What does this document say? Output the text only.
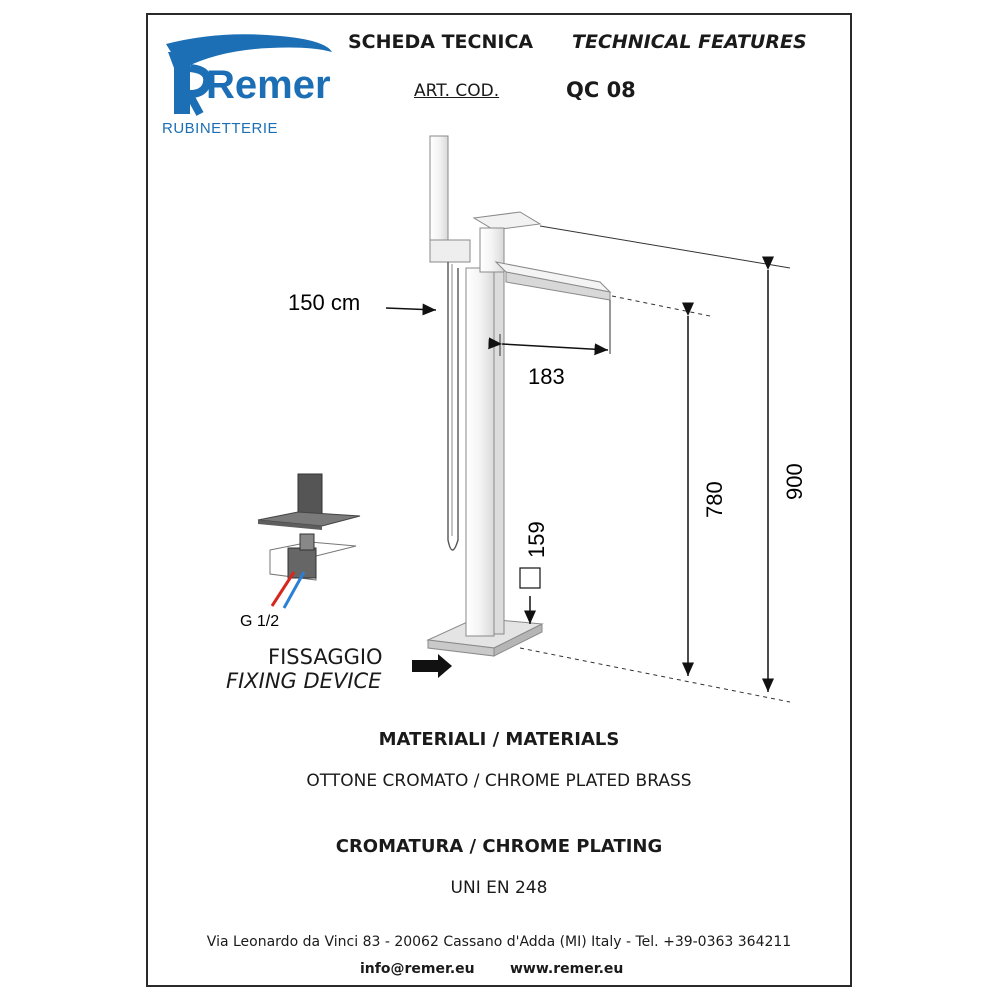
Remer
RUBINETTERIE
SCHEDA TECNICA TECHNICAL FEATURES
ART. COD.	QC 08
150 cm
183
780	900
159
G 1/2
FISSAGGIO
FIXING DEVICE
MATERIALI / MATERIALS
OTTONE CROMATO / CHROME PLATED BRASS
CROMATURA / CHROME PLATING
UNI EN 248
Via Leonardo da Vinci 83 - 20062 Cassano d'Adda (MI) Italy - Tel. +39-0363 364211
info@remer.eu	www.remer.eu
